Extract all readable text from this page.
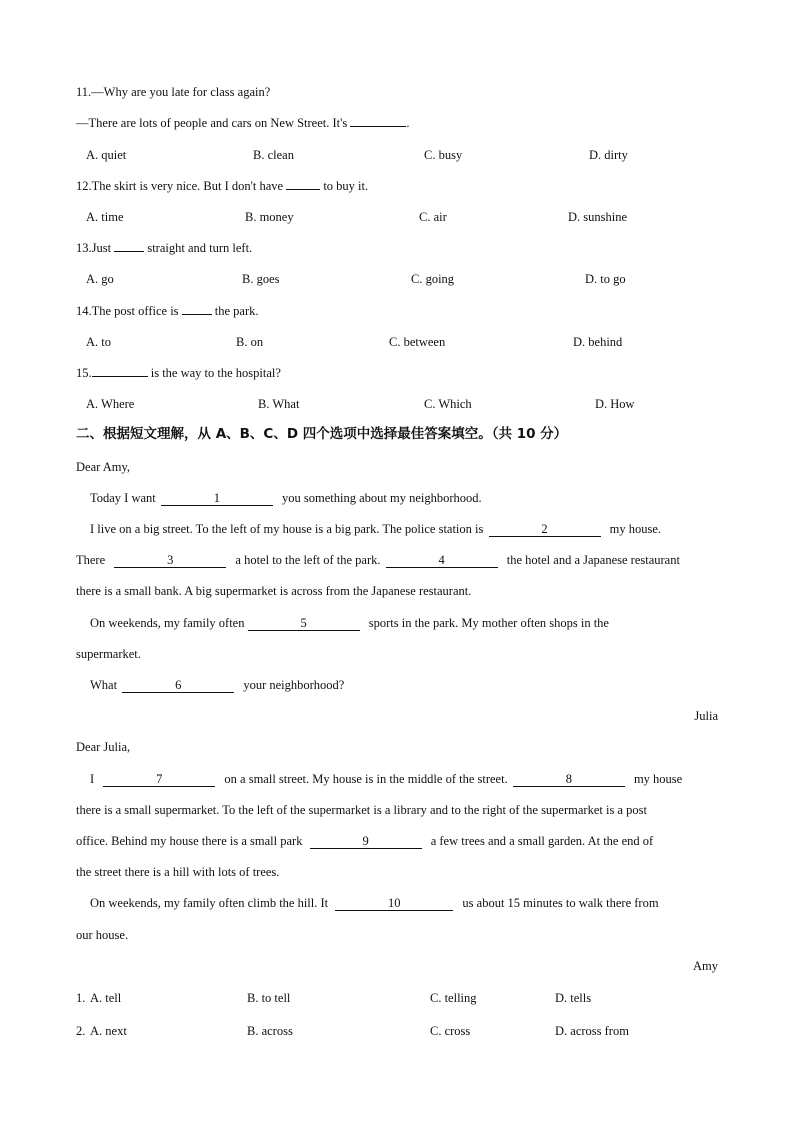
11.—Why are you late for class again?
—There are lots of people and cars on New Street. It's	.
A. quiet	B. clean	C. busy	D. dirty
12.The skirt is very nice. But I don't have	to buy it.
A. time	B. money	C. air	D. sunshine
13.Just  straight and turn left.
A. go	B. goes	C. going	D. to go
14.The post office is  the park.
A. to	B. on	C. between	D. behind
15.	is the way to the hospital?
A. Where	B. What	C. Which	D. How
二、根据短文理解，从 A、B、C、D 四个选项中选择最佳答案填空。（共 10 分）
Dear Amy,
Today I want	1	you something about my neighborhood.
I live on a big street. To the left of my house is a big park. The police station is	2	my house.
There	3	a hotel to the left of the park.	4	the hotel and a Japanese restaurant
there is a small bank. A big supermarket is across from the Japanese restaurant.
On weekends, my family often	5	sports in the park. My mother often shops in the
supermarket.
What	6	your neighborhood?
Julia
Dear Julia,
I	7	on a small street. My house is in the middle of the street.	8	my house
there is a small supermarket. To the left of the supermarket is a library and to the right of the supermarket is a post
office. Behind my house there is a small park	9	a few trees and a small garden. At the end of
the street there is a hill with lots of trees.
On weekends, my family often climb the hill. It	10	us about 15 minutes to walk there from
our house.
Amy
1. A. tell	B. to tell	C. telling	D. tells
2. A. next	B. across	C. cross	D. across from
